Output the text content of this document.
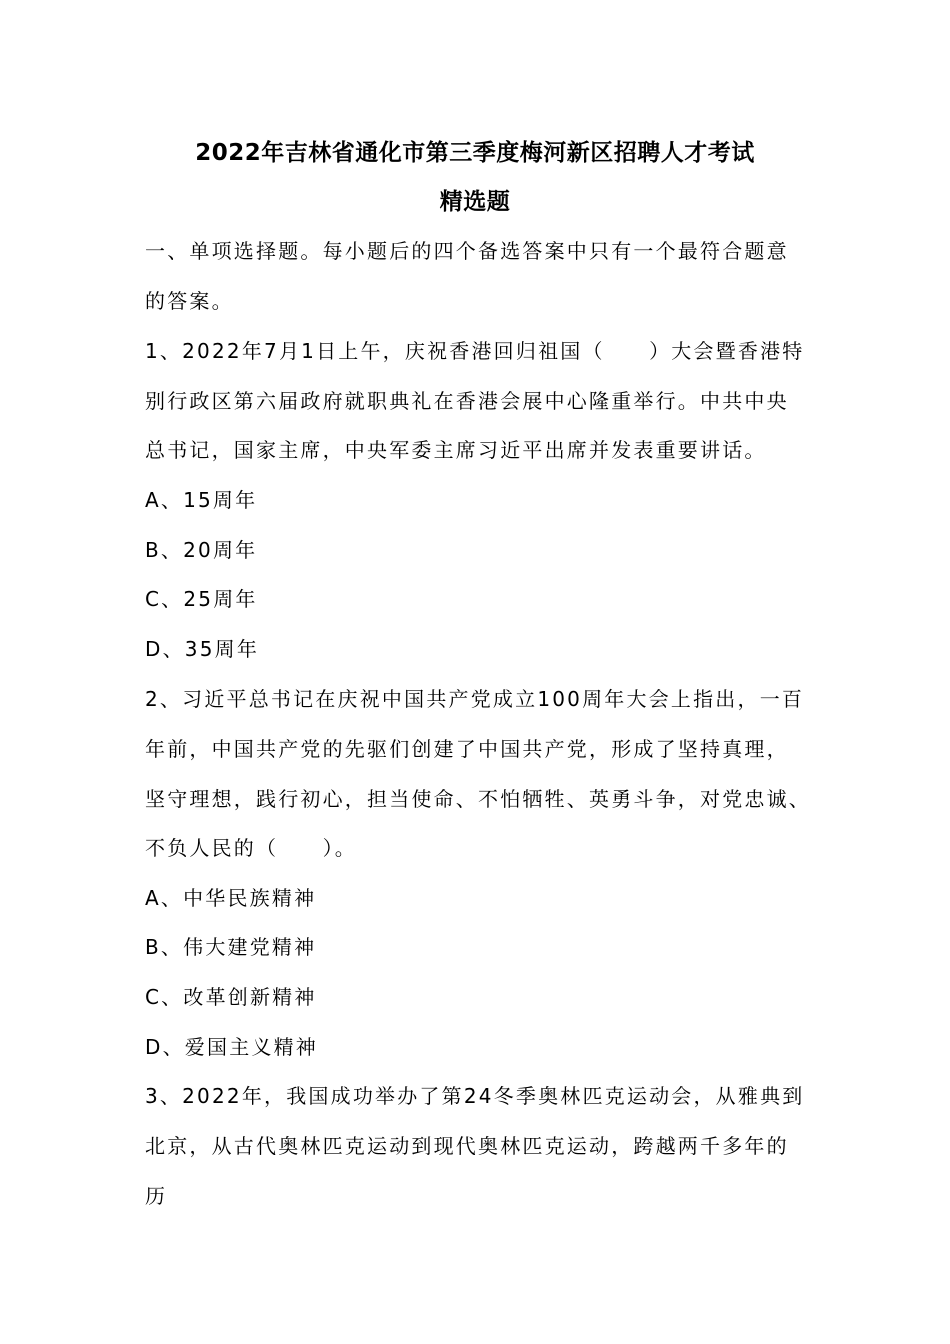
2022年吉林省通化市第三季度梅河新区招聘人才考试
精选题
一、单项选择题。每小题后的四个备选答案中只有一个最符合题意
的答案。
1、2022年7月1日上午，庆祝香港回归祖国（　　）大会暨香港特
别行政区第六届政府就职典礼在香港会展中心隆重举行。中共中央
总书记，国家主席，中央军委主席习近平出席并发表重要讲话。
A、15周年
B、20周年
C、25周年
D、35周年
2、习近平总书记在庆祝中国共产党成立100周年大会上指出，一百
年前，中国共产党的先驱们创建了中国共产党，形成了坚持真理，
坚守理想，践行初心，担当使命、不怕牺牲、英勇斗争，对党忠诚、
不负人民的（　　）。
A、中华民族精神
B、伟大建党精神
C、改革创新精神
D、爱国主义精神
3、2022年，我国成功举办了第24冬季奥林匹克运动会，从雅典到
北京，从古代奥林匹克运动到现代奥林匹克运动，跨越两千多年的
历
